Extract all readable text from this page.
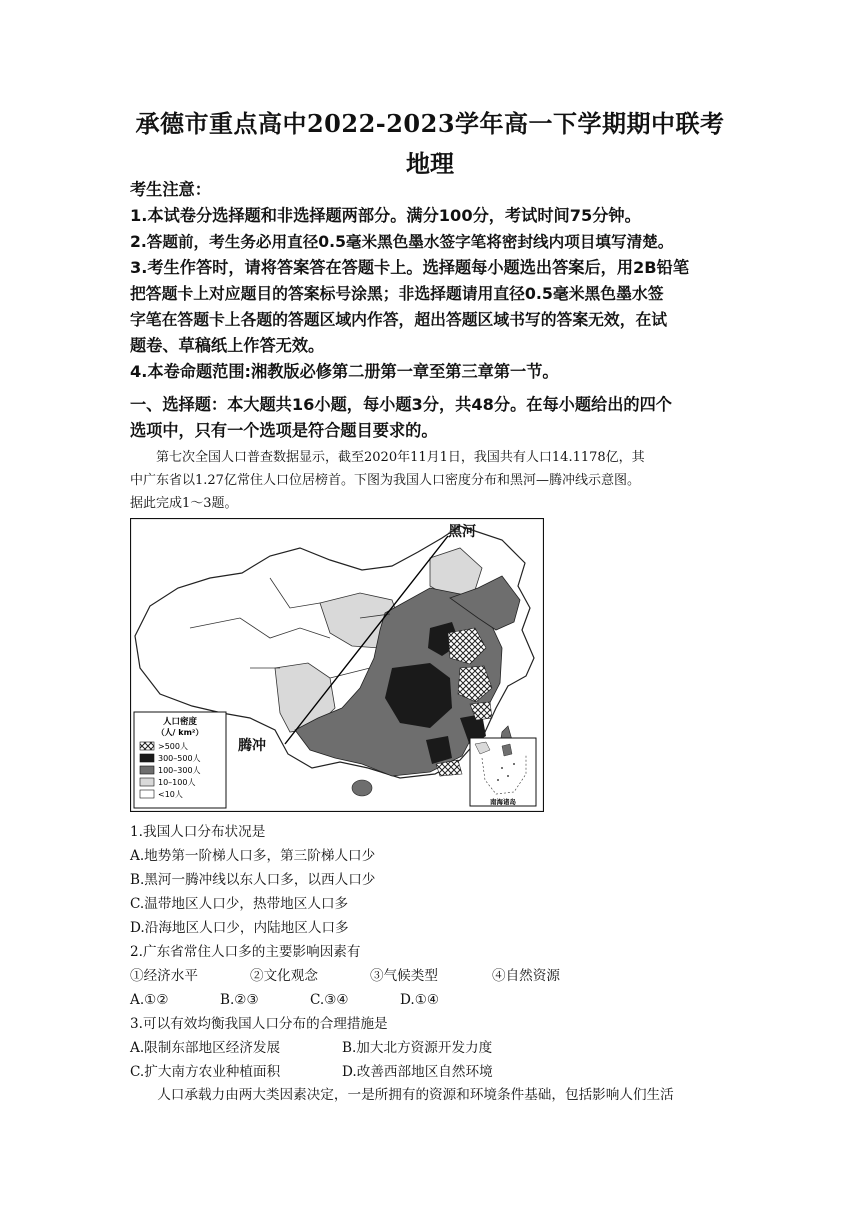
承德市重点高中2022-2023学年高一下学期期中联考
地理
考生注意：
1.本试卷分选择题和非选择题两部分。满分100分，考试时间75分钟。
2.答题前，考生务必用直径0.5毫米黑色墨水签字笔将密封线内项目填写清楚。
3.考生作答时，请将答案答在答题卡上。选择题每小题选出答案后，用2B铅笔
把答题卡上对应题目的答案标号涂黑；非选择题请用直径0.5毫米黑色墨水签
字笔在答题卡上各题的答题区域内作答，超出答题区域书写的答案无效，在试
题卷、草稿纸上作答无效。
4.本卷命题范围:湘教版必修第二册第一章至第三章第一节。
一、选择题：本大题共16小题，每小题3分，共48分。在每小题给出的四个
选项中，只有一个选项是符合题目要求的。
第七次全国人口普查数据显示，截至2020年11月1日，我国共有人口14.1178亿，其
中广东省以1.27亿常住人口位居榜首。下图为我国人口密度分布和黑河—腾冲线示意图。
据此完成1～3题。
黑河
腾冲
人口密度
（人/ km²）
>500人
300–500人
100–300人
10–100人
<10人
南海诸岛
1.我国人口分布状况是
A.地势第一阶梯人口多，第三阶梯人口少
B.黑河一腾冲线以东人口多，以西人口少
C.温带地区人口少，热带地区人口多
D.沿海地区人口少，内陆地区人口多
2.广东省常住人口多的主要影响因素有
①经济水平	②文化观念	③气候类型	④自然资源
A.①②	B.②③	C.③④	D.①④
3.可以有效均衡我国人口分布的合理措施是
A.限制东部地区经济发展	B.加大北方资源开发力度
C.扩大南方农业种植面积	D.改善西部地区自然环境
人口承载力由两大类因素决定，一是所拥有的资源和环境条件基础，包括影响人们生活
